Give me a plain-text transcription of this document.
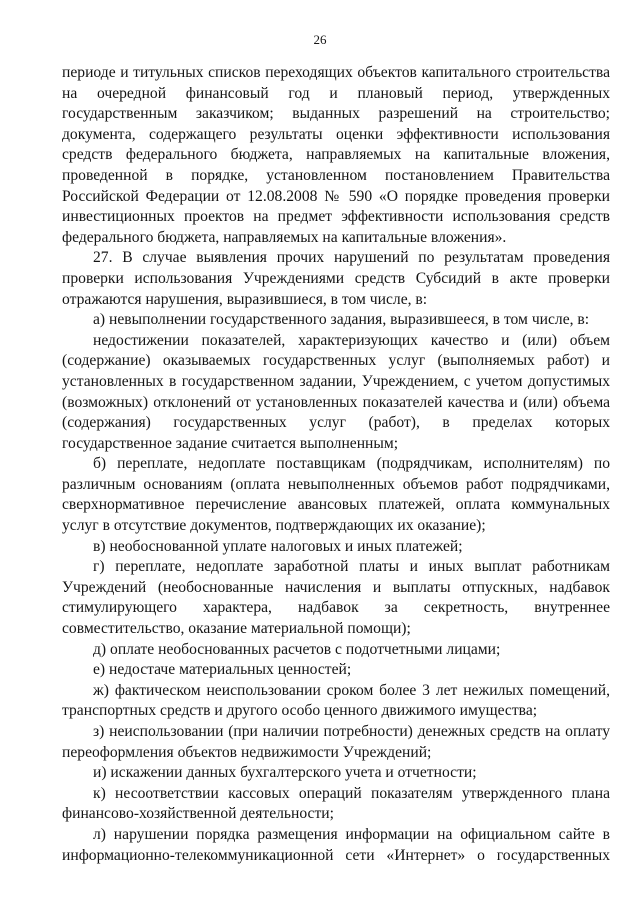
26

периоде и титульных списков переходящих объектов капитального строительства на очередной финансовый год и плановый период, утвержденных государственным заказчиком; выданных разрешений на строительство; документа, содержащего результаты оценки эффективности использования средств федерального бюджета, направляемых на капитальные вложения, проведенной в порядке, установленном постановлением Правительства Российской Федерации от 12.08.2008 № 590 «О порядке проведения проверки инвестиционных проектов на предмет эффективности использования средств федерального бюджета, направляемых на капитальные вложения».

27. В случае выявления прочих нарушений по результатам проведения проверки использования Учреждениями средств Субсидий в акте проверки отражаются нарушения, выразившиеся, в том числе, в:

а) невыполнении государственного задания, выразившееся, в том числе, в:

недостижении показателей, характеризующих качество и (или) объем (содержание) оказываемых государственных услуг (выполняемых работ) и установленных в государственном задании, Учреждением, с учетом допустимых (возможных) отклонений от установленных показателей качества и (или) объема (содержания) государственных услуг (работ), в пределах которых государственное задание считается выполненным;

б) переплате, недоплате поставщикам (подрядчикам, исполнителям) по различным основаниям (оплата невыполненных объемов работ подрядчиками, сверхнормативное перечисление авансовых платежей, оплата коммунальных услуг в отсутствие документов, подтверждающих их оказание);

в) необоснованной уплате налоговых и иных платежей;

г) переплате, недоплате заработной платы и иных выплат работникам Учреждений (необоснованные начисления и выплаты отпускных, надбавок стимулирующего характера, надбавок за секретность, внутреннее совместительство, оказание материальной помощи);

д) оплате необоснованных расчетов с подотчетными лицами;

е) недостаче материальных ценностей;

ж) фактическом неиспользовании сроком более 3 лет нежилых помещений, транспортных средств и другого особо ценного движимого имущества;

з) неиспользовании (при наличии потребности) денежных средств на оплату переоформления объектов недвижимости Учреждений;

и) искажении данных бухгалтерского учета и отчетности;

к) несоответствии кассовых операций показателям утвержденного плана финансово-хозяйственной деятельности;

л) нарушении порядка размещения информации на официальном сайте в информационно-телекоммуникационной сети «Интернет» о государственных
